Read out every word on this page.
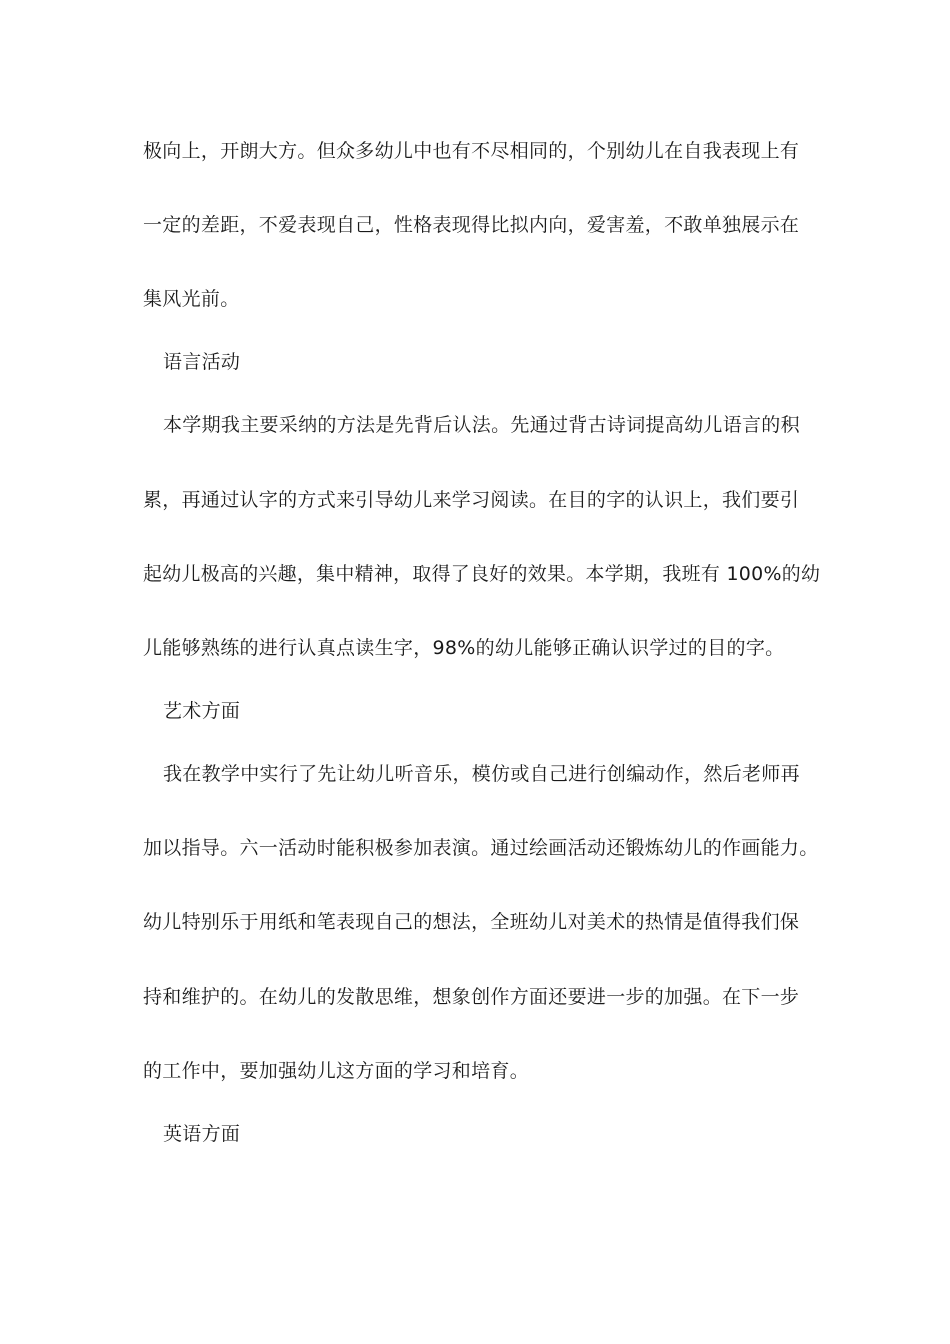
极向上，开朗大方。但众多幼儿中也有不尽相同的，个别幼儿在自我表现上有
一定的差距，不爱表现自己，性格表现得比拟内向，爱害羞，不敢单独展示在
集风光前。
语言活动
本学期我主要采纳的方法是先背后认法。先通过背古诗词提高幼儿语言的积
累，再通过认字的方式来引导幼儿来学习阅读。在目的字的认识上，我们要引
起幼儿极高的兴趣，集中精神，取得了良好的效果。本学期，我班有 100%的幼
儿能够熟练的进行认真点读生字，98%的幼儿能够正确认识学过的目的字。
艺术方面
我在教学中实行了先让幼儿听音乐，模仿或自己进行创编动作，然后老师再
加以指导。六一活动时能积极参加表演。通过绘画活动还锻炼幼儿的作画能力。
幼儿特别乐于用纸和笔表现自己的想法，全班幼儿对美术的热情是值得我们保
持和维护的。在幼儿的发散思维，想象创作方面还要进一步的加强。在下一步
的工作中，要加强幼儿这方面的学习和培育。
英语方面
